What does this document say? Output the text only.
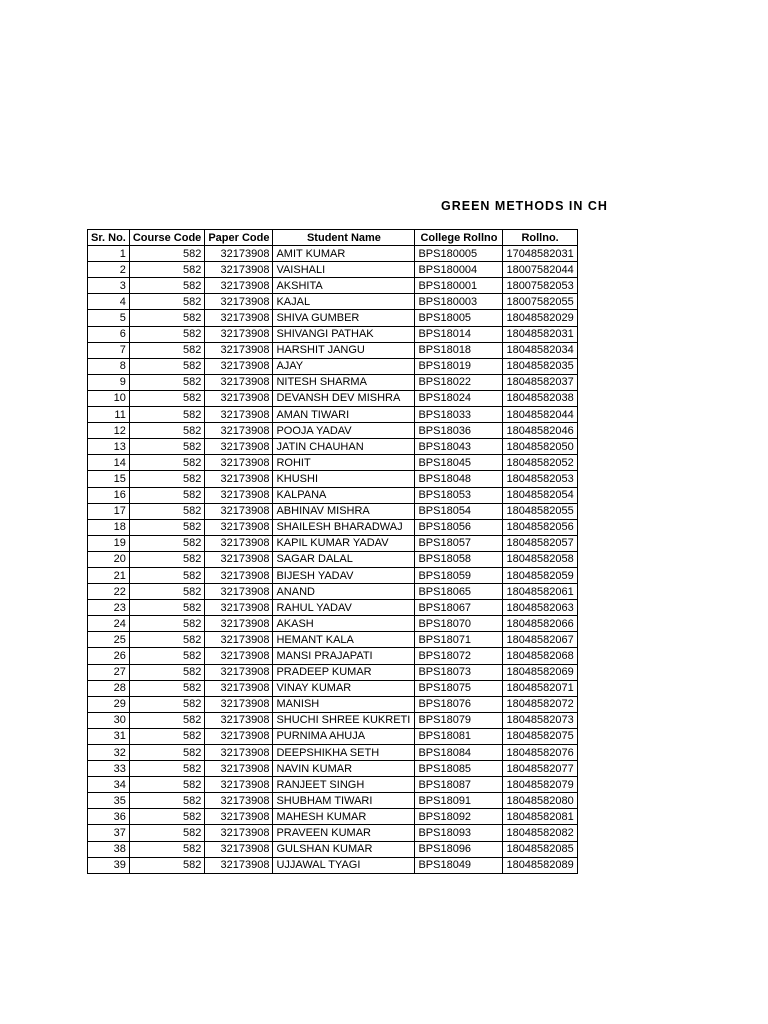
GREEN METHODS IN CH
Sr. No.	Course Code	Paper Code	Student Name	College Rollno	Rollno.
1	582	32173908	AMIT KUMAR	BPS180005	17048582031
2	582	32173908	VAISHALI	BPS180004	18007582044
3	582	32173908	AKSHITA	BPS180001	18007582053
4	582	32173908	KAJAL	BPS180003	18007582055
5	582	32173908	SHIVA GUMBER	BPS18005	18048582029
6	582	32173908	SHIVANGI PATHAK	BPS18014	18048582031
7	582	32173908	HARSHIT JANGU	BPS18018	18048582034
8	582	32173908	AJAY	BPS18019	18048582035
9	582	32173908	NITESH SHARMA	BPS18022	18048582037
10	582	32173908	DEVANSH DEV MISHRA	BPS18024	18048582038
11	582	32173908	AMAN TIWARI	BPS18033	18048582044
12	582	32173908	POOJA YADAV	BPS18036	18048582046
13	582	32173908	JATIN CHAUHAN	BPS18043	18048582050
14	582	32173908	ROHIT	BPS18045	18048582052
15	582	32173908	KHUSHI	BPS18048	18048582053
16	582	32173908	KALPANA	BPS18053	18048582054
17	582	32173908	ABHINAV MISHRA	BPS18054	18048582055
18	582	32173908	SHAILESH BHARADWAJ	BPS18056	18048582056
19	582	32173908	KAPIL KUMAR YADAV	BPS18057	18048582057
20	582	32173908	SAGAR DALAL	BPS18058	18048582058
21	582	32173908	BIJESH YADAV	BPS18059	18048582059
22	582	32173908	ANAND	BPS18065	18048582061
23	582	32173908	RAHUL YADAV	BPS18067	18048582063
24	582	32173908	AKASH	BPS18070	18048582066
25	582	32173908	HEMANT KALA	BPS18071	18048582067
26	582	32173908	MANSI PRAJAPATI	BPS18072	18048582068
27	582	32173908	PRADEEP KUMAR	BPS18073	18048582069
28	582	32173908	VINAY KUMAR	BPS18075	18048582071
29	582	32173908	MANISH	BPS18076	18048582072
30	582	32173908	SHUCHI SHREE KUKRETI	BPS18079	18048582073
31	582	32173908	PURNIMA AHUJA	BPS18081	18048582075
32	582	32173908	DEEPSHIKHA SETH	BPS18084	18048582076
33	582	32173908	NAVIN KUMAR	BPS18085	18048582077
34	582	32173908	RANJEET SINGH	BPS18087	18048582079
35	582	32173908	SHUBHAM TIWARI	BPS18091	18048582080
36	582	32173908	MAHESH KUMAR	BPS18092	18048582081
37	582	32173908	PRAVEEN KUMAR	BPS18093	18048582082
38	582	32173908	GULSHAN KUMAR	BPS18096	18048582085
39	582	32173908	UJJAWAL TYAGI	BPS18049	18048582089
